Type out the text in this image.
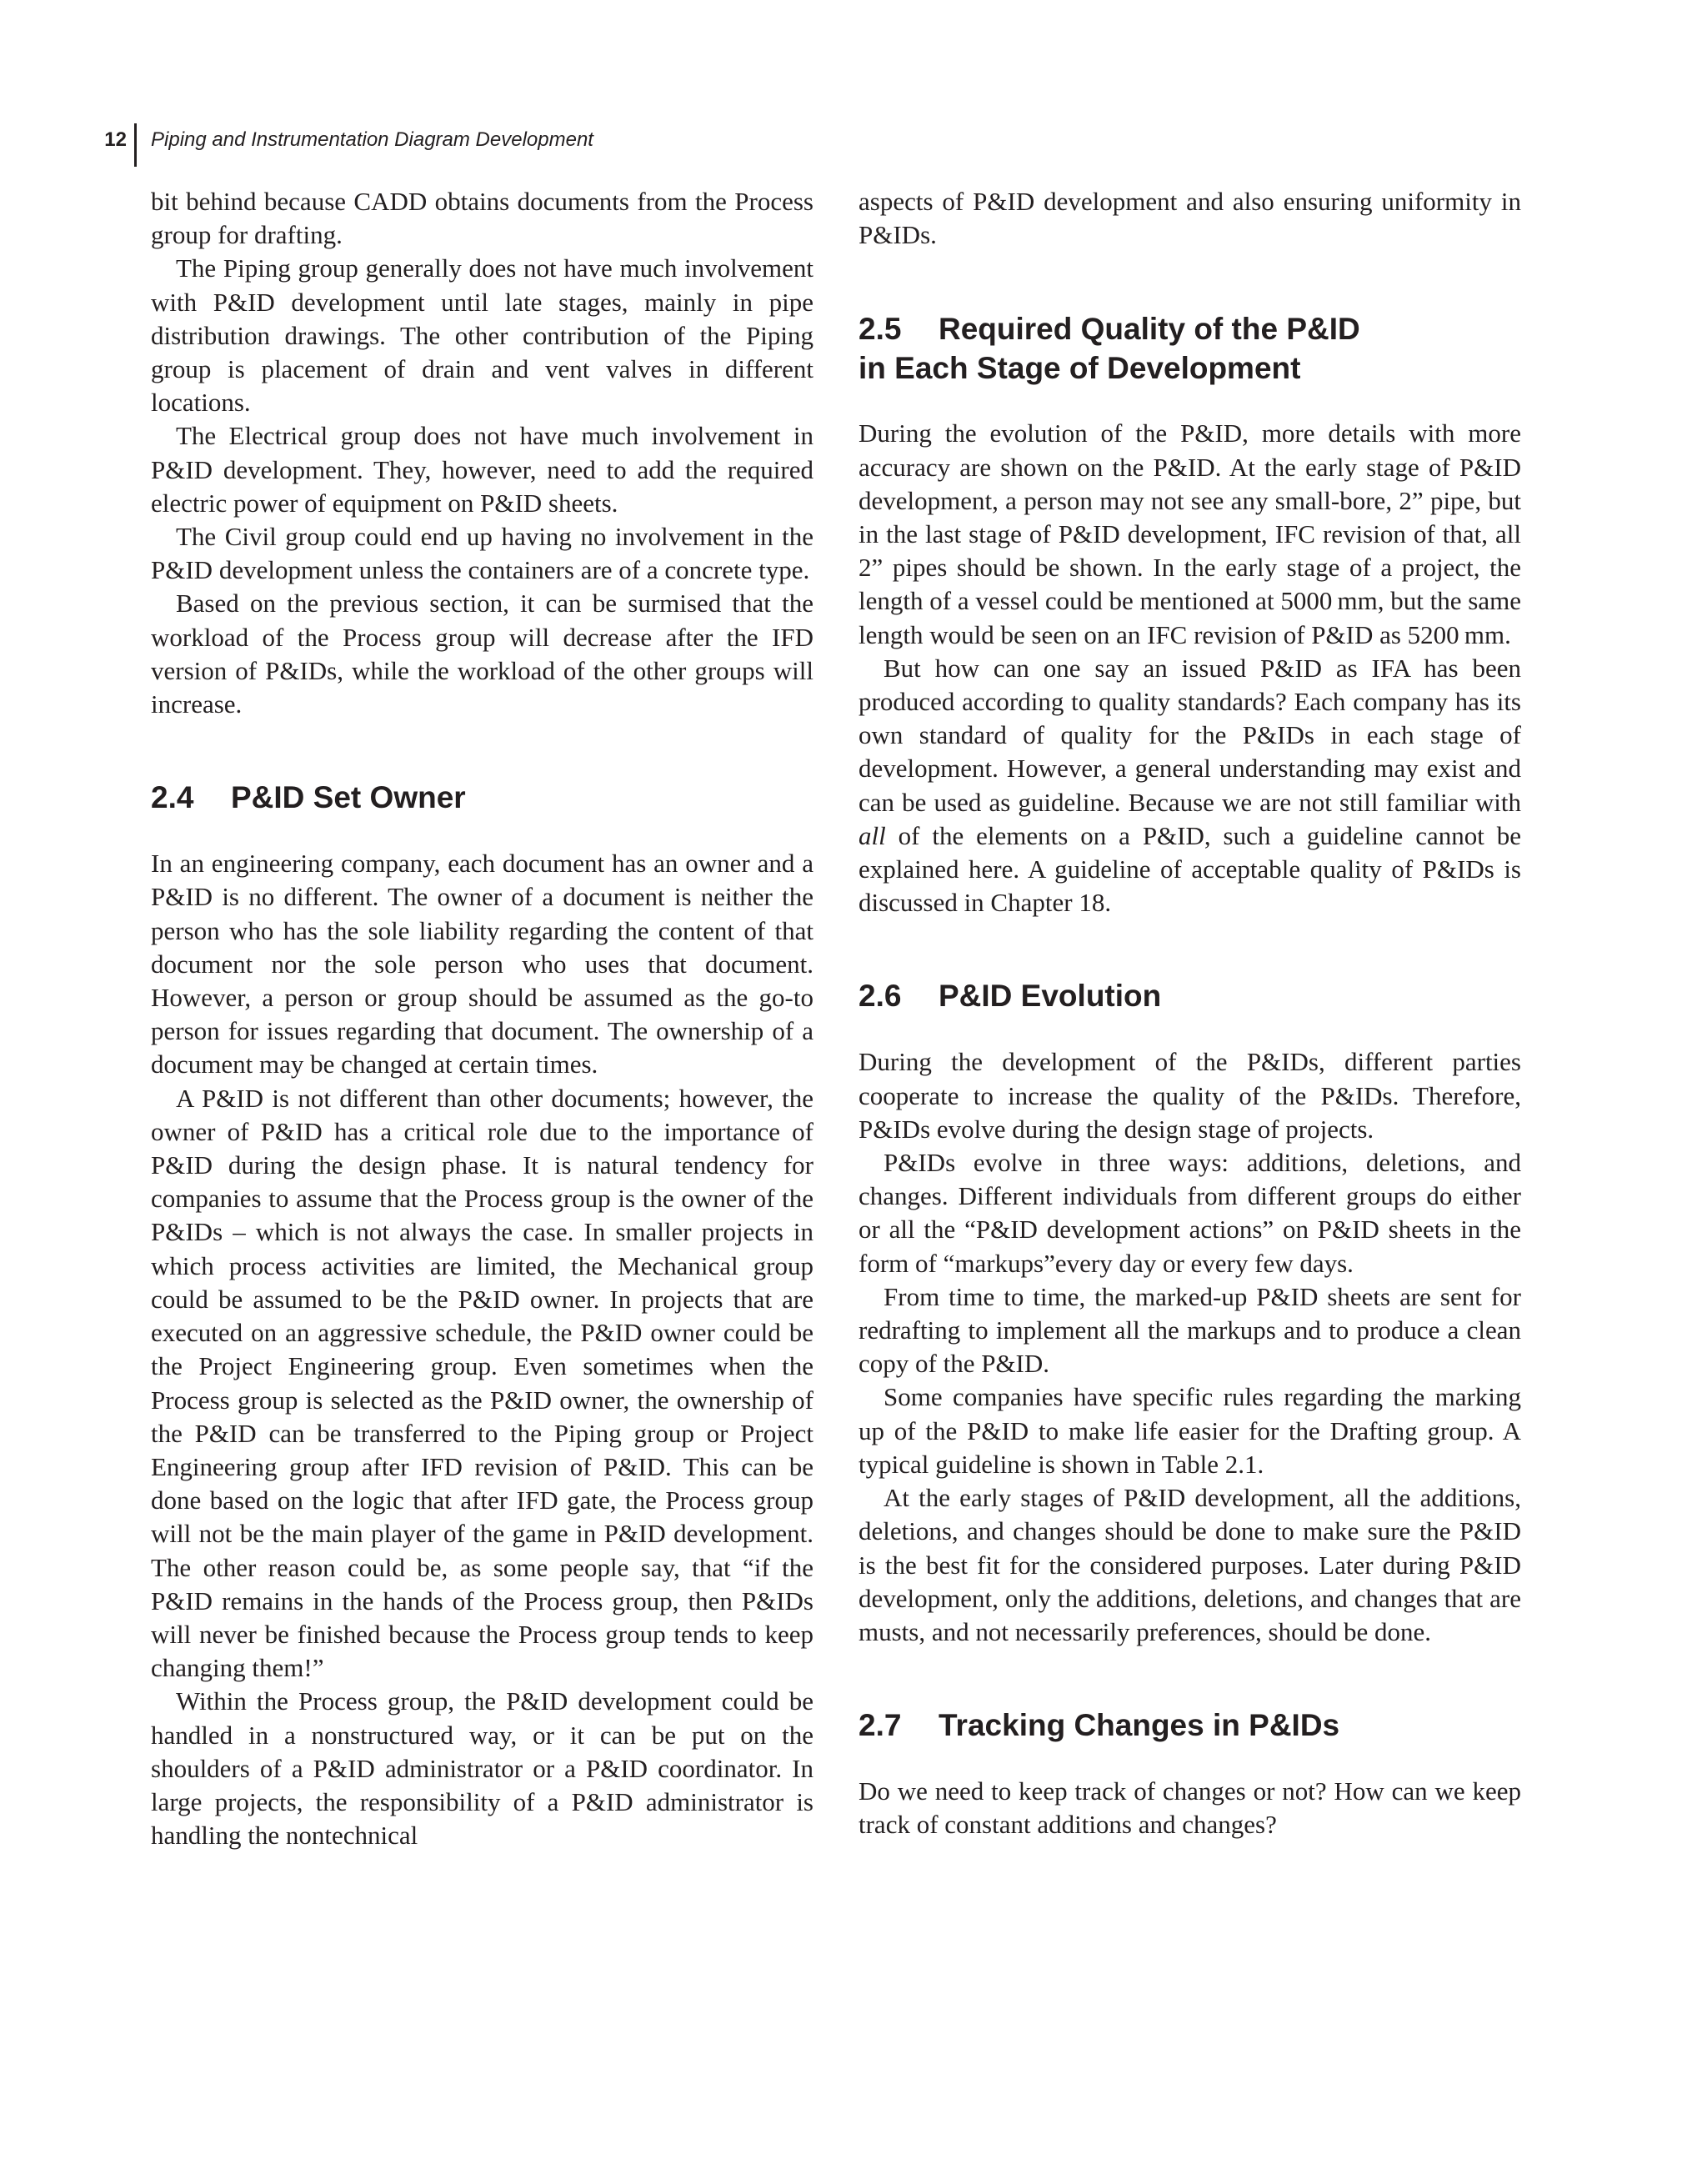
12 Piping and Instrumentation Diagram Development

bit behind because CADD obtains documents from the Process group for drafting.

The Piping group generally does not have much involvement with P&ID development until late stages, mainly in pipe distribution drawings. The other contribution of the Piping group is placement of drain and vent valves in different locations.

The Electrical group does not have much involvement in P&ID development. They, however, need to add the required electric power of equipment on P&ID sheets.

The Civil group could end up having no involvement in the P&ID development unless the containers are of a concrete type.

Based on the previous section, it can be surmised that the workload of the Process group will decrease after the IFD version of P&IDs, while the workload of the other groups will increase.

2.4 P&ID Set Owner

In an engineering company, each document has an owner and a P&ID is no different. The owner of a document is neither the person who has the sole liability regarding the content of that document nor the sole person who uses that document. However, a person or group should be assumed as the go-to person for issues regarding that document. The ownership of a document may be changed at certain times.

A P&ID is not different than other documents; however, the owner of P&ID has a critical role due to the importance of P&ID during the design phase. It is natural tendency for companies to assume that the Process group is the owner of the P&IDs – which is not always the case. In smaller projects in which process activities are limited, the Mechanical group could be assumed to be the P&ID owner. In projects that are executed on an aggressive schedule, the P&ID owner could be the Project Engineering group. Even sometimes when the Process group is selected as the P&ID owner, the ownership of the P&ID can be transferred to the Piping group or Project Engineering group after IFD revision of P&ID. This can be done based on the logic that after IFD gate, the Process group will not be the main player of the game in P&ID development. The other reason could be, as some people say, that “if the P&ID remains in the hands of the Process group, then P&IDs will never be finished because the Process group tends to keep changing them!”

Within the Process group, the P&ID development could be handled in a nonstructured way, or it can be put on the shoulders of a P&ID administrator or a P&ID coordinator. In large projects, the responsibility of a P&ID administrator is handling the nontechnical

aspects of P&ID development and also ensuring uniformity in P&IDs.

2.5 Required Quality of the P&ID
in Each Stage of Development

During the evolution of the P&ID, more details with more accuracy are shown on the P&ID. At the early stage of P&ID development, a person may not see any small-bore, 2” pipe, but in the last stage of P&ID development, IFC revision of that, all 2” pipes should be shown. In the early stage of a project, the length of a vessel could be mentioned at 5000 mm, but the same length would be seen on an IFC revision of P&ID as 5200 mm.

But how can one say an issued P&ID as IFA has been produced according to quality standards? Each company has its own standard of quality for the P&IDs in each stage of development. However, a general understanding may exist and can be used as guideline. Because we are not still familiar with all of the elements on a P&ID, such a guideline cannot be explained here. A guideline of acceptable quality of P&IDs is discussed in Chapter 18.

2.6 P&ID Evolution

During the development of the P&IDs, different parties cooperate to increase the quality of the P&IDs. Therefore, P&IDs evolve during the design stage of projects.

P&IDs evolve in three ways: additions, deletions, and changes. Different individuals from different groups do either or all the “P&ID development actions” on P&ID sheets in the form of “markups”every day or every few days.

From time to time, the marked-up P&ID sheets are sent for redrafting to implement all the markups and to produce a clean copy of the P&ID.

Some companies have specific rules regarding the marking up of the P&ID to make life easier for the Drafting group. A typical guideline is shown in Table 2.1.

At the early stages of P&ID development, all the additions, deletions, and changes should be done to make sure the P&ID is the best fit for the considered purposes. Later during P&ID development, only the additions, deletions, and changes that are musts, and not necessarily preferences, should be done.

2.7 Tracking Changes in P&IDs

Do we need to keep track of changes or not? How can we keep track of constant additions and changes?
